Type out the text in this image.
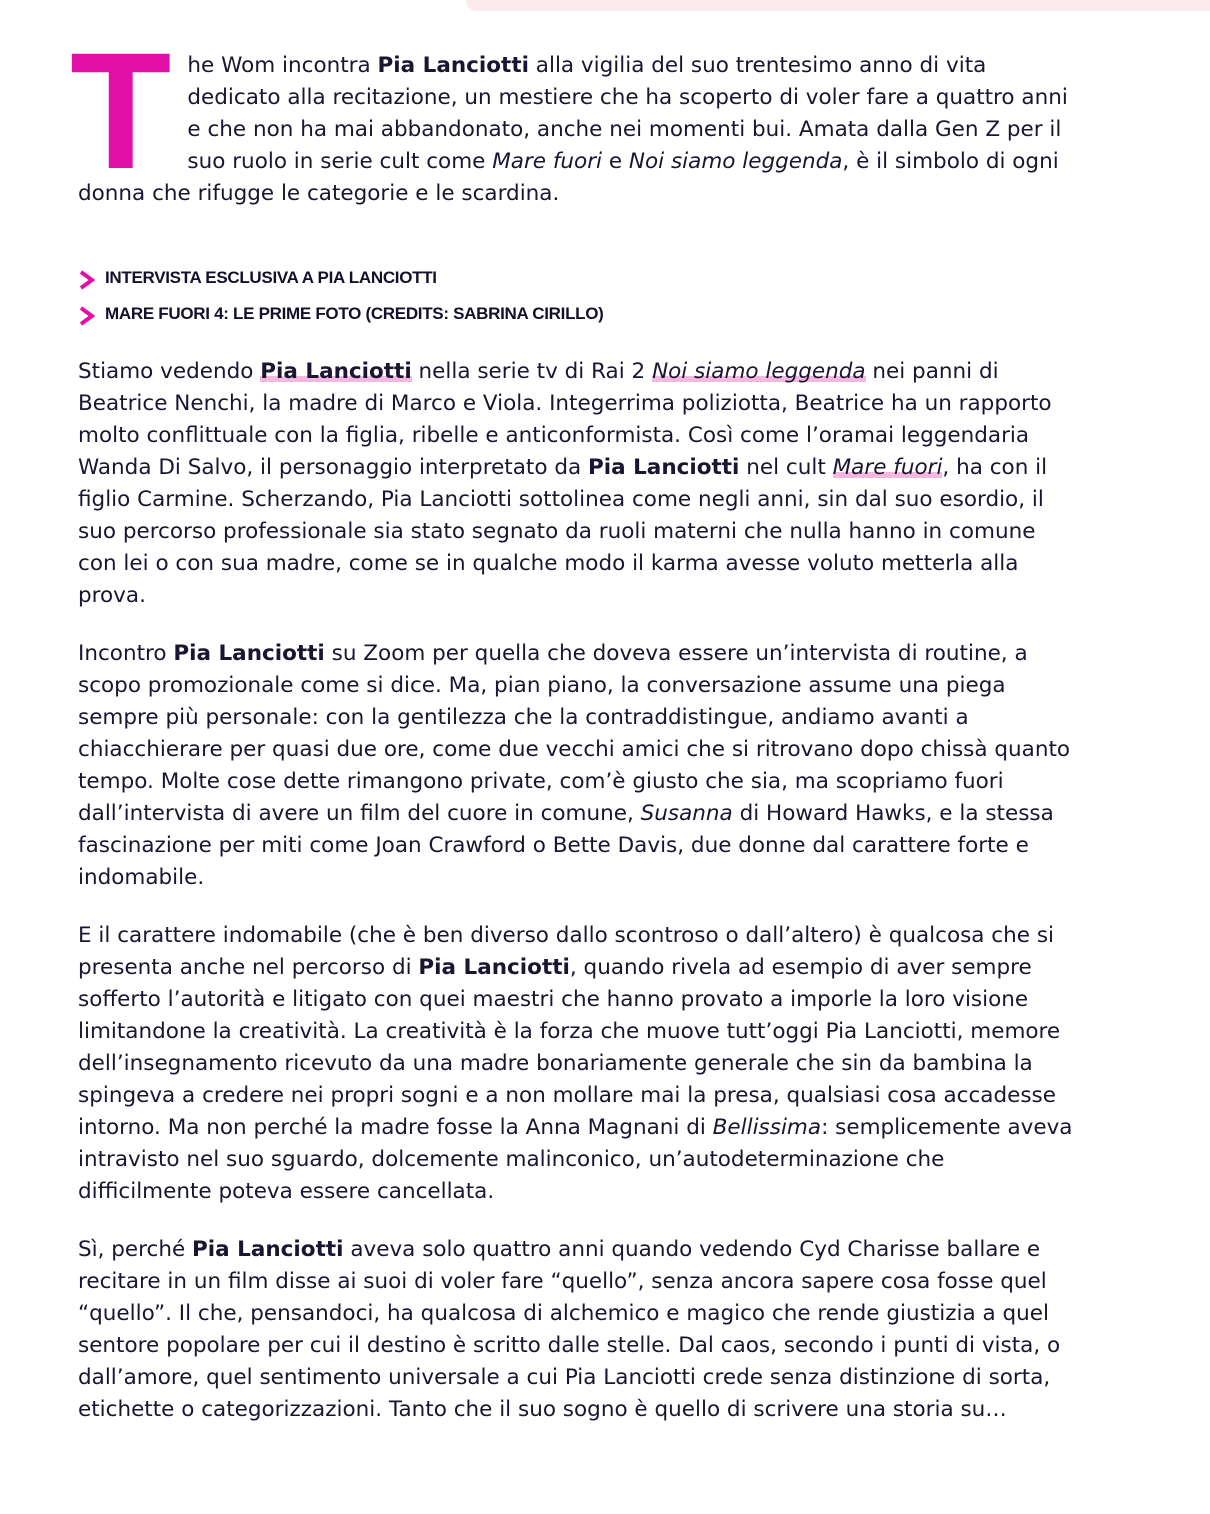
The Wom incontra Pia Lanciotti alla vigilia del suo trentesimo anno di vita dedicato alla recitazione, un mestiere che ha scoperto di voler fare a quattro anni e che non ha mai abbandonato, anche nei momenti bui. Amata dalla Gen Z per il suo ruolo in serie cult come Mare fuori e Noi siamo leggenda, è il simbolo di ogni donna che rifugge le categorie e le scardina.

INTERVISTA ESCLUSIVA A PIA LANCIOTTI
MARE FUORI 4: LE PRIME FOTO (CREDITS: SABRINA CIRILLO)

Stiamo vedendo Pia Lanciotti nella serie tv di Rai 2 Noi siamo leggenda nei panni di Beatrice Nenchi, la madre di Marco e Viola. Integerrima poliziotta, Beatrice ha un rapporto molto conflittuale con la figlia, ribelle e anticonformista. Così come l’oramai leggendaria Wanda Di Salvo, il personaggio interpretato da Pia Lanciotti nel cult Mare fuori, ha con il figlio Carmine. Scherzando, Pia Lanciotti sottolinea come negli anni, sin dal suo esordio, il suo percorso professionale sia stato segnato da ruoli materni che nulla hanno in comune con lei o con sua madre, come se in qualche modo il karma avesse voluto metterla alla prova.

Incontro Pia Lanciotti su Zoom per quella che doveva essere un’intervista di routine, a scopo promozionale come si dice. Ma, pian piano, la conversazione assume una piega sempre più personale: con la gentilezza che la contraddistingue, andiamo avanti a chiacchierare per quasi due ore, come due vecchi amici che si ritrovano dopo chissà quanto tempo. Molte cose dette rimangono private, com’è giusto che sia, ma scopriamo fuori dall’intervista di avere un film del cuore in comune, Susanna di Howard Hawks, e la stessa fascinazione per miti come Joan Crawford o Bette Davis, due donne dal carattere forte e indomabile.

E il carattere indomabile (che è ben diverso dallo scontroso o dall’altero) è qualcosa che si presenta anche nel percorso di Pia Lanciotti, quando rivela ad esempio di aver sempre sofferto l’autorità e litigato con quei maestri che hanno provato a imporle la loro visione limitandone la creatività. La creatività è la forza che muove tutt’oggi Pia Lanciotti, memore dell’insegnamento ricevuto da una madre bonariamente generale che sin da bambina la spingeva a credere nei propri sogni e a non mollare mai la presa, qualsiasi cosa accadesse intorno. Ma non perché la madre fosse la Anna Magnani di Bellissima: semplicemente aveva intravisto nel suo sguardo, dolcemente malinconico, un’autodeterminazione che difficilmente poteva essere cancellata.

Sì, perché Pia Lanciotti aveva solo quattro anni quando vedendo Cyd Charisse ballare e recitare in un film disse ai suoi di voler fare “quello”, senza ancora sapere cosa fosse quel “quello”. Il che, pensandoci, ha qualcosa di alchemico e magico che rende giustizia a quel sentore popolare per cui il destino è scritto dalle stelle. Dal caos, secondo i punti di vista, o dall’amore, quel sentimento universale a cui Pia Lanciotti crede senza distinzione di sorta, etichette o categorizzazioni. Tanto che il suo sogno è quello di scrivere una storia su…
